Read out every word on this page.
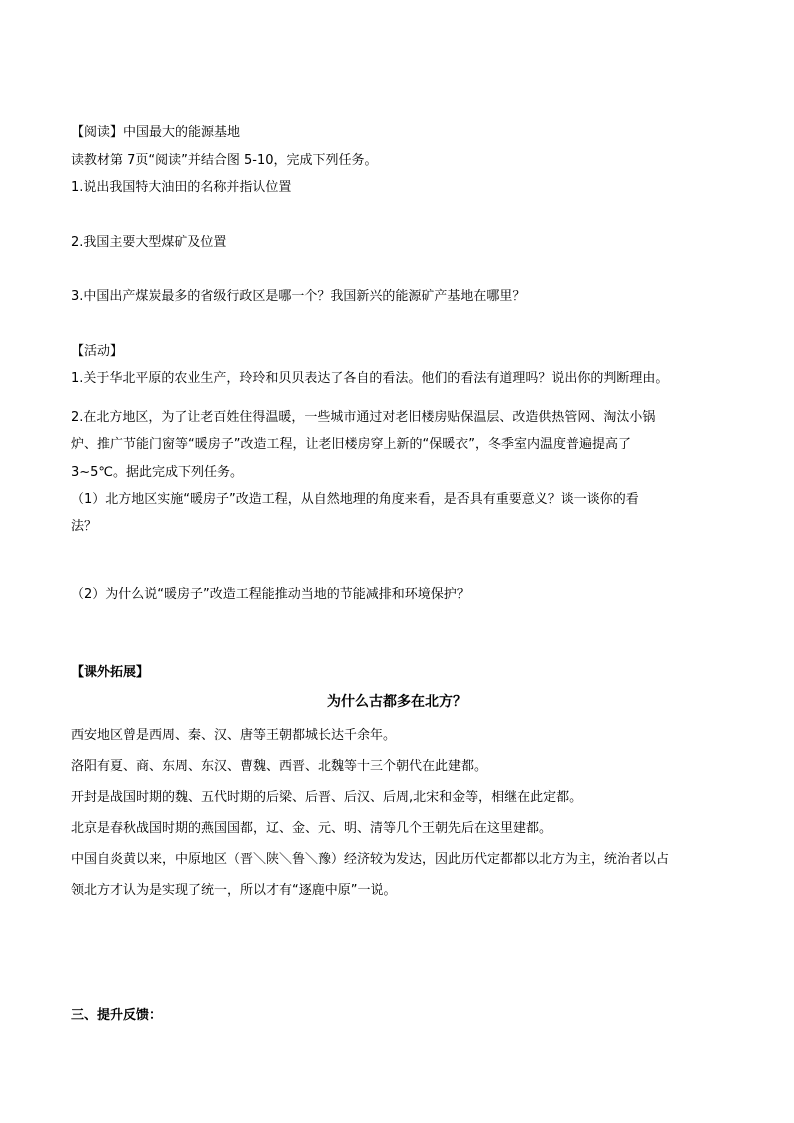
【阅读】中国最大的能源基地
读教材第 7页“阅读”并结合图 5-10，完成下列任务。
1.说出我国特大油田的名称并指认位置
2.我国主要大型煤矿及位置
3.中国出产煤炭最多的省级行政区是哪一个？我国新兴的能源矿产基地在哪里？
【活动】
1.关于华北平原的农业生产，玲玲和贝贝表达了各自的看法。他们的看法有道理吗？说出你的判断理由。
2.在北方地区，为了让老百姓住得温暖，一些城市通过对老旧楼房贴保温层、改造供热管网、淘汰小锅
炉、推广节能门窗等“暖房子”改造工程，让老旧楼房穿上新的“保暖衣”，冬季室内温度普遍提高了
3~5℃。据此完成下列任务。
（1）北方地区实施“暖房子”改造工程，从自然地理的角度来看，是否具有重要意义？谈一谈你的看
法？
（2）为什么说“暖房子”改造工程能推动当地的节能减排和环境保护？
【课外拓展】
为什么古都多在北方？
西安地区曾是西周、秦、汉、唐等王朝都城长达千余年。
洛阳有夏、商、东周、东汉、曹魏、西晋、北魏等十三个朝代在此建都。
开封是战国时期的魏、五代时期的后梁、后晋、后汉、后周,北宋和金等，相继在此定都。
北京是春秋战国时期的燕国国都，辽、金、元、明、清等几个王朝先后在这里建都。
中国自炎黄以来，中原地区（晋＼陕＼鲁＼豫）经济较为发达，因此历代定都都以北方为主，统治者以占
领北方才认为是实现了统一，所以才有“逐鹿中原”一说。
三、提升反馈：
